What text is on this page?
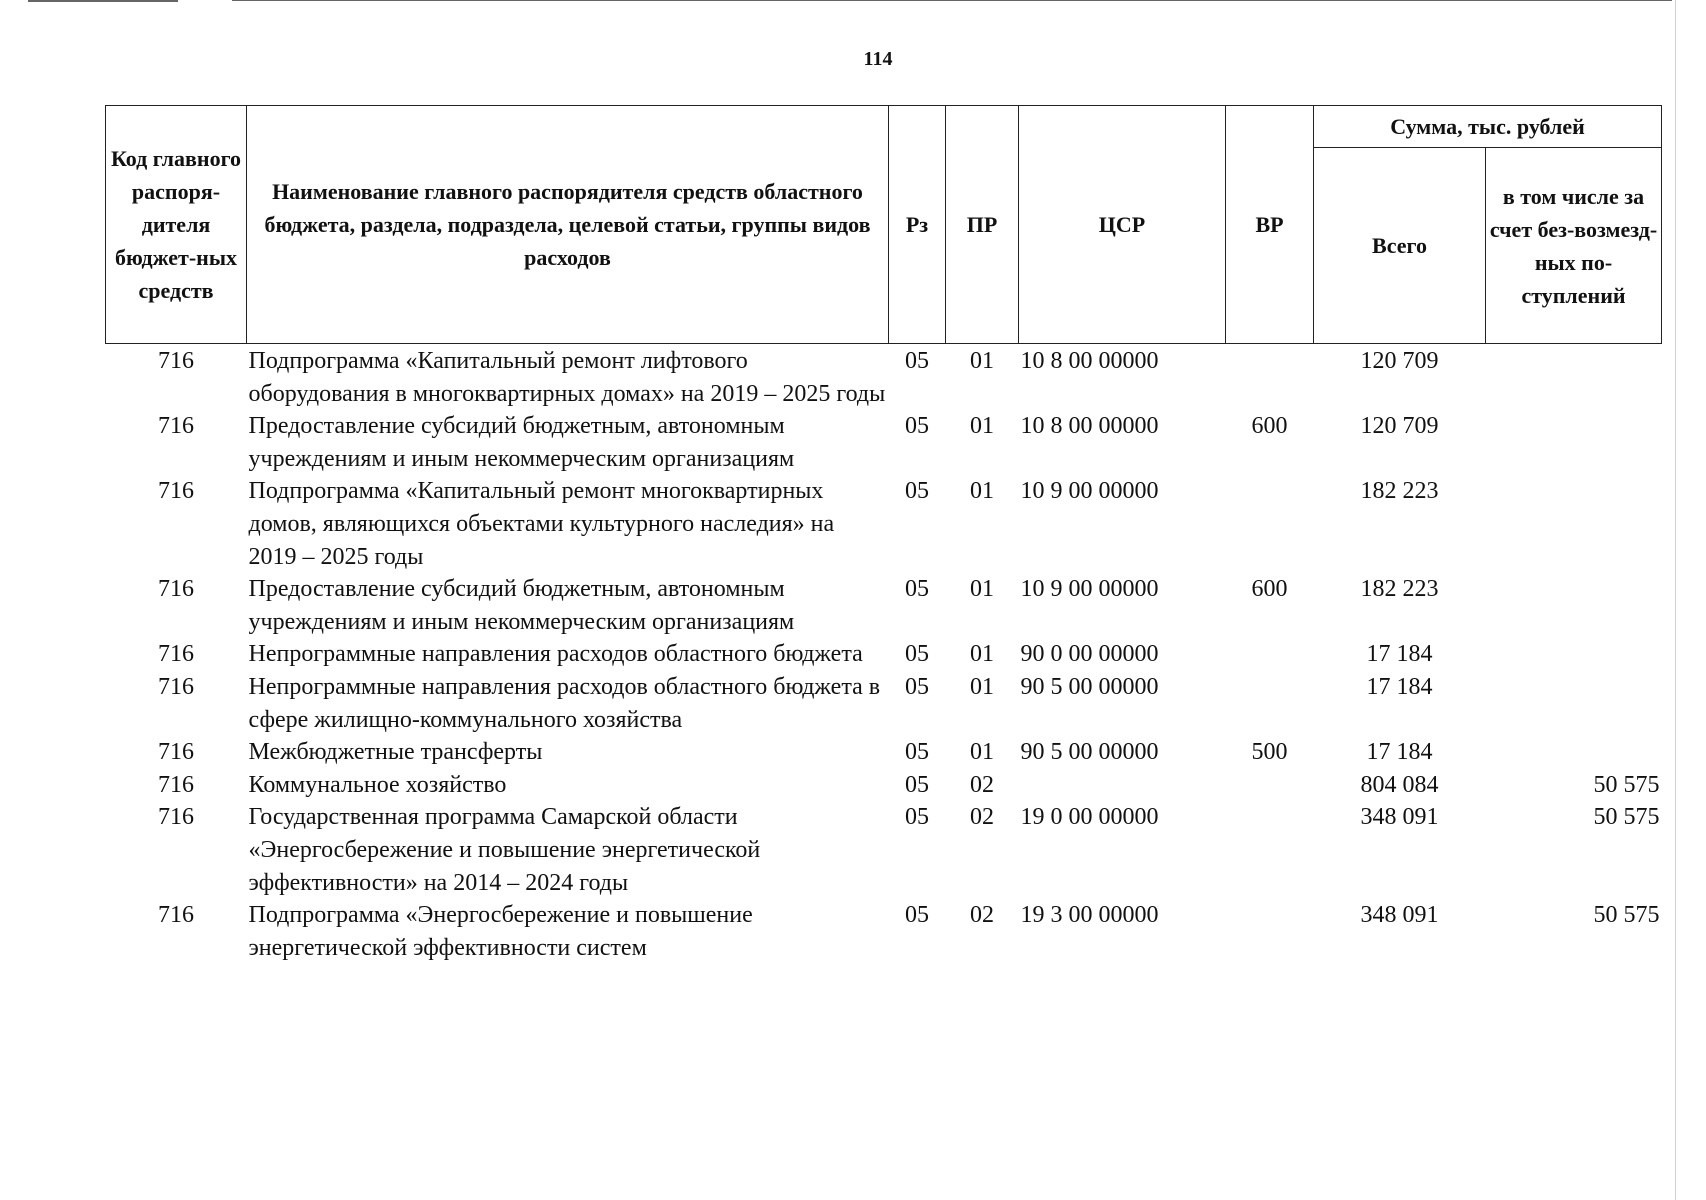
114
Код главного распоря-дителя бюджет-ных средств	Наименование главного распорядителя средств областного бюджета, раздела, подраздела, целевой статьи, группы видов расходов	Рз	ПР	ЦСР	ВР	Сумма, тыс. рублей	
						Всего	в том числе за счет без-возмезд-ных по-ступлений
716	Подпрограмма «Капитальный ремонт лифтового оборудования в многоквартирных домах» на 2019 – 2025 годы	05	01	10 8 00 00000		120 709	
716	Предоставление субсидий бюджетным, автономным учреждениям и иным некоммерческим организациям	05	01	10 8 00 00000	600	120 709	
716	Подпрограмма «Капитальный ремонт многоквартирных домов, являющихся объектами культурного наследия» на 2019 – 2025 годы	05	01	10 9 00 00000		182 223	
716	Предоставление субсидий бюджетным, автономным учреждениям и иным некоммерческим организациям	05	01	10 9 00 00000	600	182 223	
716	Непрограммные направления расходов областного бюджета	05	01	90 0 00 00000		17 184	
716	Непрограммные направления расходов областного бюджета в сфере жилищно-коммунального хозяйства	05	01	90 5 00 00000		17 184	
716	Межбюджетные трансферты	05	01	90 5 00 00000	500	17 184	
716	Коммунальное хозяйство	05	02			804 084	50 575
716	Государственная программа Самарской области «Энергосбережение и повышение энергетической эффективности» на 2014 – 2024 годы	05	02	19 0 00 00000		348 091	50 575
716	Подпрограмма «Энергосбережение и повышение энергетической эффективности систем	05	02	19 3 00 00000		348 091	50 575
